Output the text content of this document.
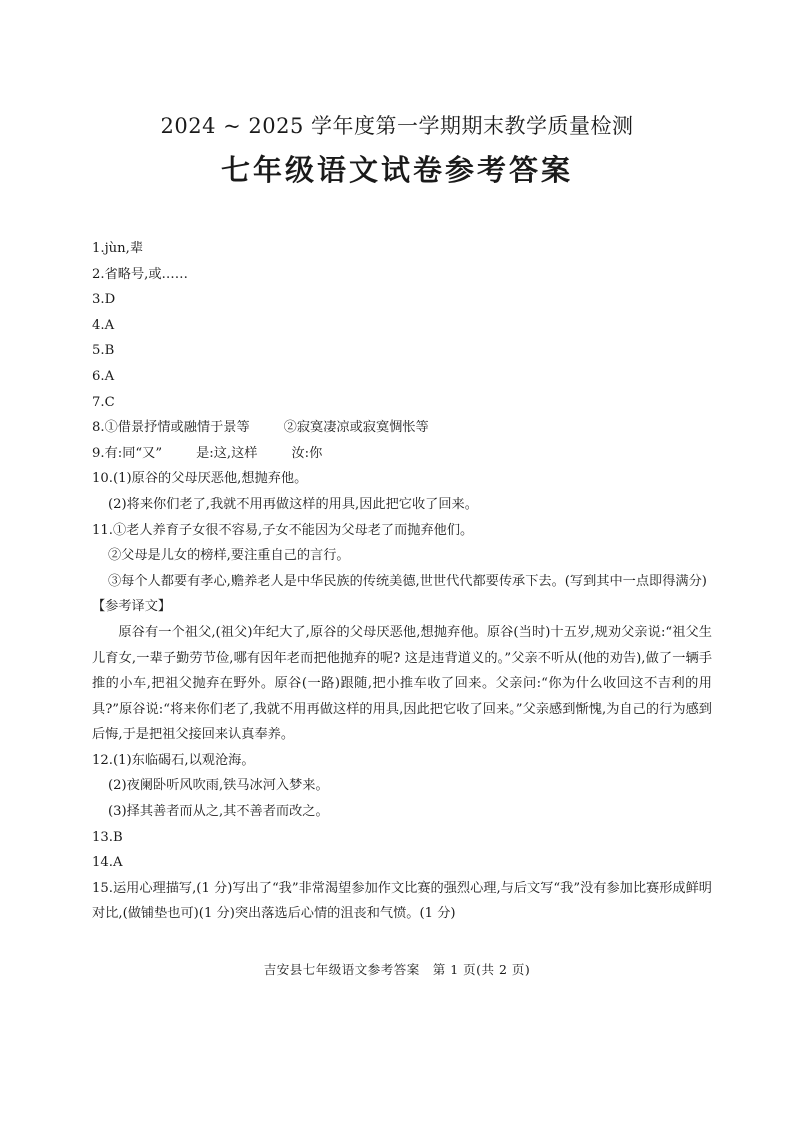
2024 ~ 2025 学年度第一学期期末教学质量检测
七年级语文试卷参考答案
1.jùn,辈
2.省略号,或……
3.D
4.A
5.B
6.A
7.C
8.①借景抒情或融情于景等	②寂寞凄凉或寂寞惆怅等
9.有:同“又”	是:这,这样	汝:你
10.(1)原谷的父母厌恶他,想抛弃他。
(2)将来你们老了,我就不用再做这样的用具,因此把它收了回来。
11.①老人养育子女很不容易,子女不能因为父母老了而抛弃他们。
②父母是儿女的榜样,要注重自己的言行。
③每个人都要有孝心,赡养老人是中华民族的传统美德,世世代代都要传承下去。(写到其中一点即得满分)
【参考译文】
原谷有一个祖父,(祖父)年纪大了,原谷的父母厌恶他,想抛弃他。原谷(当时)十五岁,规劝父亲说:“祖父生儿育女,一辈子勤劳节俭,哪有因年老而把他抛弃的呢? 这是违背道义的。”父亲不听从(他的劝告),做了一辆手推的小车,把祖父抛弃在野外。原谷(一路)跟随,把小推车收了回来。父亲问:“你为什么收回这不吉利的用具?”原谷说:“将来你们老了,我就不用再做这样的用具,因此把它收了回来。”父亲感到惭愧,为自己的行为感到后悔,于是把祖父接回来认真奉养。
12.(1)东临碣石,以观沧海。
(2)夜阑卧听风吹雨,铁马冰河入梦来。
(3)择其善者而从之,其不善者而改之。
13.B
14.A
15.运用心理描写,(1 分)写出了“我”非常渴望参加作文比赛的强烈心理,与后文写“我”没有参加比赛形成鲜明对比,(做铺垫也可)(1 分)突出落选后心情的沮丧和气愤。(1 分)
吉安县七年级语文参考答案　第 1 页(共 2 页)
